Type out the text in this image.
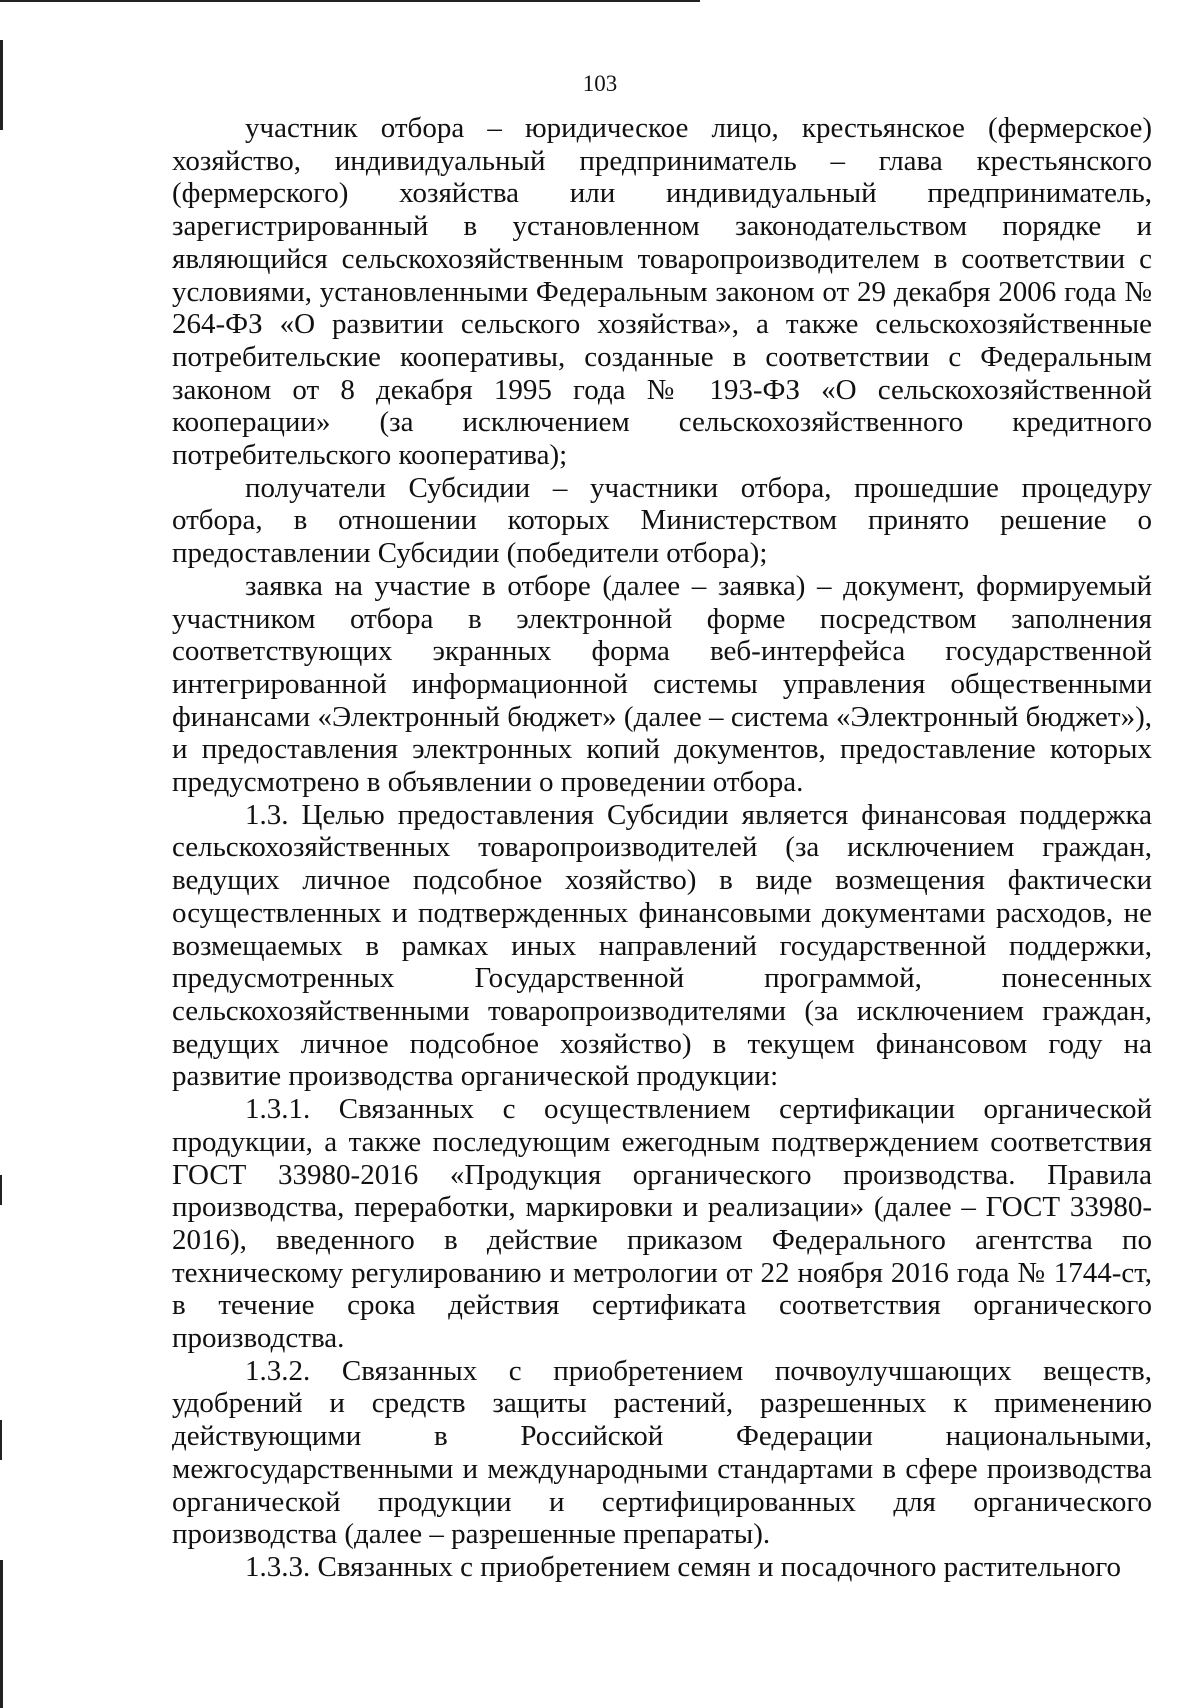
103

участник отбора – юридическое лицо, крестьянское (фермерское) хозяйство, индивидуальный предприниматель – глава крестьянского (фермерского) хозяйства или индивидуальный предприниматель, зарегистрированный в установленном законодательством порядке и являющийся сельскохозяйственным товаропроизводителем в соответствии с условиями, установленными Федеральным законом от 29 декабря 2006 года № 264-ФЗ «О развитии сельского хозяйства», а также сельскохозяйственные потребительские кооперативы, созданные в соответствии с Федеральным законом от 8 декабря 1995 года № 193-ФЗ «О сельскохозяйственной кооперации» (за исключением сельскохозяйственного кредитного потребительского кооператива);

получатели Субсидии – участники отбора, прошедшие процедуру отбора, в отношении которых Министерством принято решение о предоставлении Субсидии (победители отбора);

заявка на участие в отборе (далее – заявка) – документ, формируемый участником отбора в электронной форме посредством заполнения соответствующих экранных форма веб-интерфейса государственной интегрированной информационной системы управления общественными финансами «Электронный бюджет» (далее – система «Электронный бюджет»), и предоставления электронных копий документов, предоставление которых предусмотрено в объявлении о проведении отбора.

1.3. Целью предоставления Субсидии является финансовая поддержка сельскохозяйственных товаропроизводителей (за исключением граждан, ведущих личное подсобное хозяйство) в виде возмещения фактически осуществленных и подтвержденных финансовыми документами расходов, не возмещаемых в рамках иных направлений государственной поддержки, предусмотренных Государственной программой, понесенных сельскохозяйственными товаропроизводителями (за исключением граждан, ведущих личное подсобное хозяйство) в текущем финансовом году на развитие производства органической продукции:

1.3.1. Связанных с осуществлением сертификации органической продукции, а также последующим ежегодным подтверждением соответствия ГОСТ 33980-2016 «Продукция органического производства. Правила производства, переработки, маркировки и реализации» (далее – ГОСТ 33980-2016), введенного в действие приказом Федерального агентства по техническому регулированию и метрологии от 22 ноября 2016 года № 1744-ст, в течение срока действия сертификата соответствия органического производства.

1.3.2. Связанных с приобретением почвоулучшающих веществ, удобрений и средств защиты растений, разрешенных к применению действующими в Российской Федерации национальными, межгосударственными и международными стандартами в сфере производства органической продукции и сертифицированных для органического производства (далее – разрешенные препараты).

1.3.3. Связанных с приобретением семян и посадочного растительного
